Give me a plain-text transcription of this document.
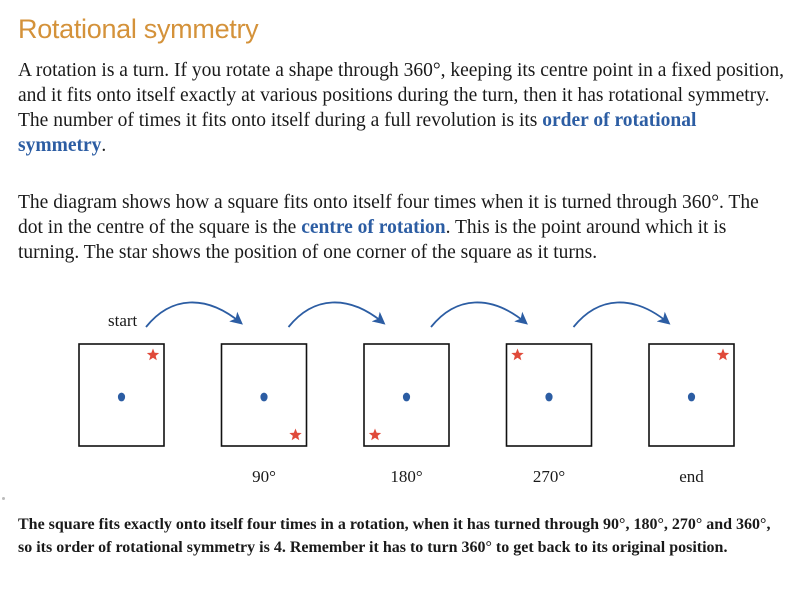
Rotational symmetry

A rotation is a turn. If you rotate a shape through 360°, keeping its centre point in a fixed position, and it fits onto itself exactly at various positions during the turn, then it has rotational symmetry. The number of times it fits onto itself during a full revolution is its order of rotational symmetry.

The diagram shows how a square fits onto itself four times when it is turned through 360°. The dot in the centre of the square is the centre of rotation. This is the point around which it is turning. The star shows the position of one corner of the square as it turns.

start
90°	180°	270°	end

The square fits exactly onto itself four times in a rotation, when it has turned through 90°, 180°, 270° and 360°, so its order of rotational symmetry is 4. Remember it has to turn 360° to get back to its original position.
